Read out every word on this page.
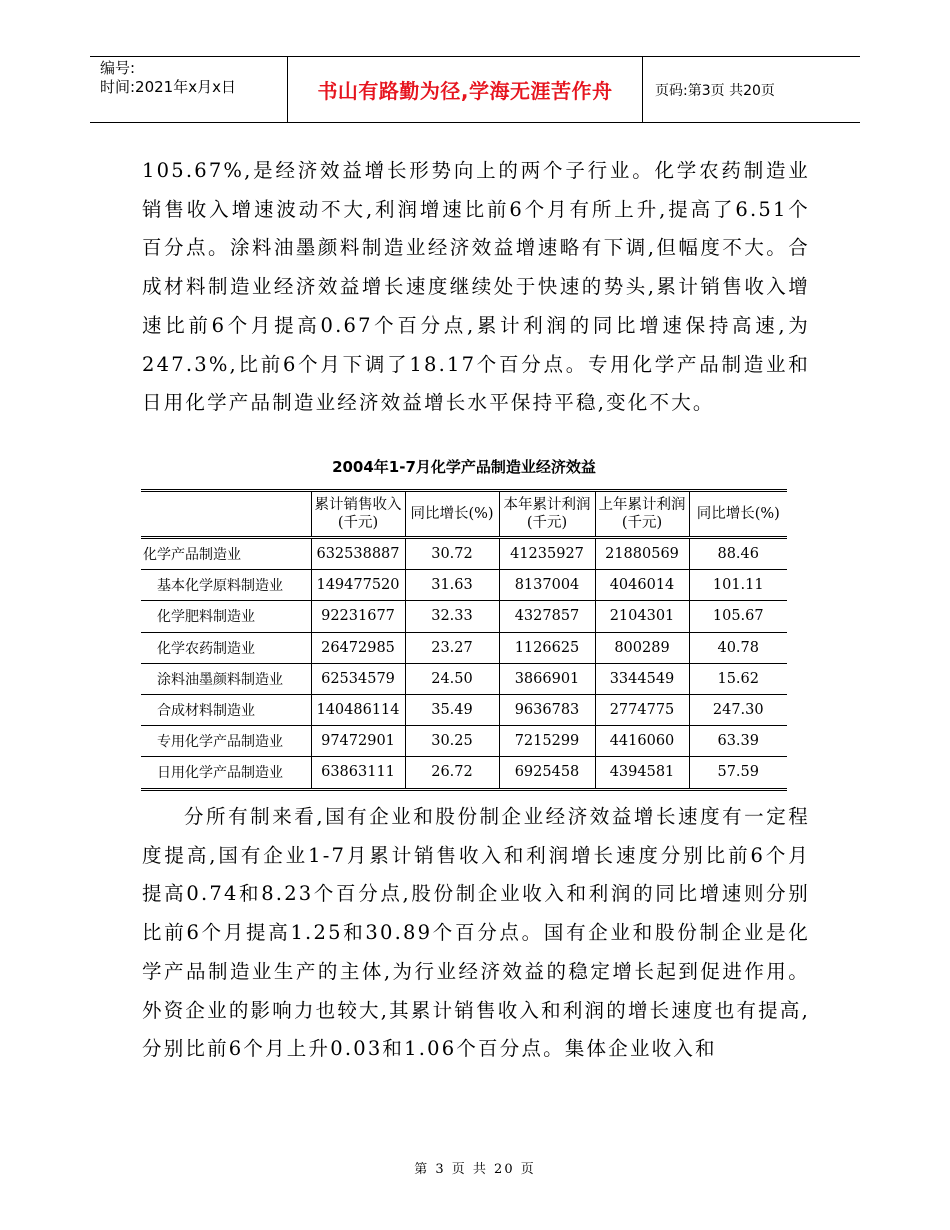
编号:
时间:2021年x月x日	书山有路勤为径,学海无涯苦作舟	页码:第3页 共20页

105.67%,是经济效益增长形势向上的两个子行业。化学农药制造业销售收入增速波动不大,利润增速比前6个月有所上升,提高了6.51个百分点。涂料油墨颜料制造业经济效益增速略有下调,但幅度不大。合成材料制造业经济效益增长速度继续处于快速的势头,累计销售收入增速比前6个月提高0.67个百分点,累计利润的同比增速保持高速,为247.3%,比前6个月下调了18.17个百分点。专用化学产品制造业和日用化学产品制造业经济效益增长水平保持平稳,变化不大。

2004年1-7月化学产品制造业经济效益
	累计销售收入(千元)	同比增长(%)	本年累计利润(千元)	上年累计利润(千元)	同比增长(%)
化学产品制造业	632538887	30.72	41235927	21880569	88.46
基本化学原料制造业	149477520	31.63	8137004	4046014	101.11
化学肥料制造业	92231677	32.33	4327857	2104301	105.67
化学农药制造业	26472985	23.27	1126625	800289	40.78
涂料油墨颜料制造业	62534579	24.50	3866901	3344549	15.62
合成材料制造业	140486114	35.49	9636783	2774775	247.30
专用化学产品制造业	97472901	30.25	7215299	4416060	63.39
日用化学产品制造业	63863111	26.72	6925458	4394581	57.59

分所有制来看,国有企业和股份制企业经济效益增长速度有一定程度提高,国有企业1-7月累计销售收入和利润增长速度分别比前6个月提高0.74和8.23个百分点,股份制企业收入和利润的同比增速则分别比前6个月提高1.25和30.89个百分点。国有企业和股份制企业是化学产品制造业生产的主体,为行业经济效益的稳定增长起到促进作用。外资企业的影响力也较大,其累计销售收入和利润的增长速度也有提高,分别比前6个月上升0.03和1.06个百分点。集体企业收入和

第 3 页 共 20 页
